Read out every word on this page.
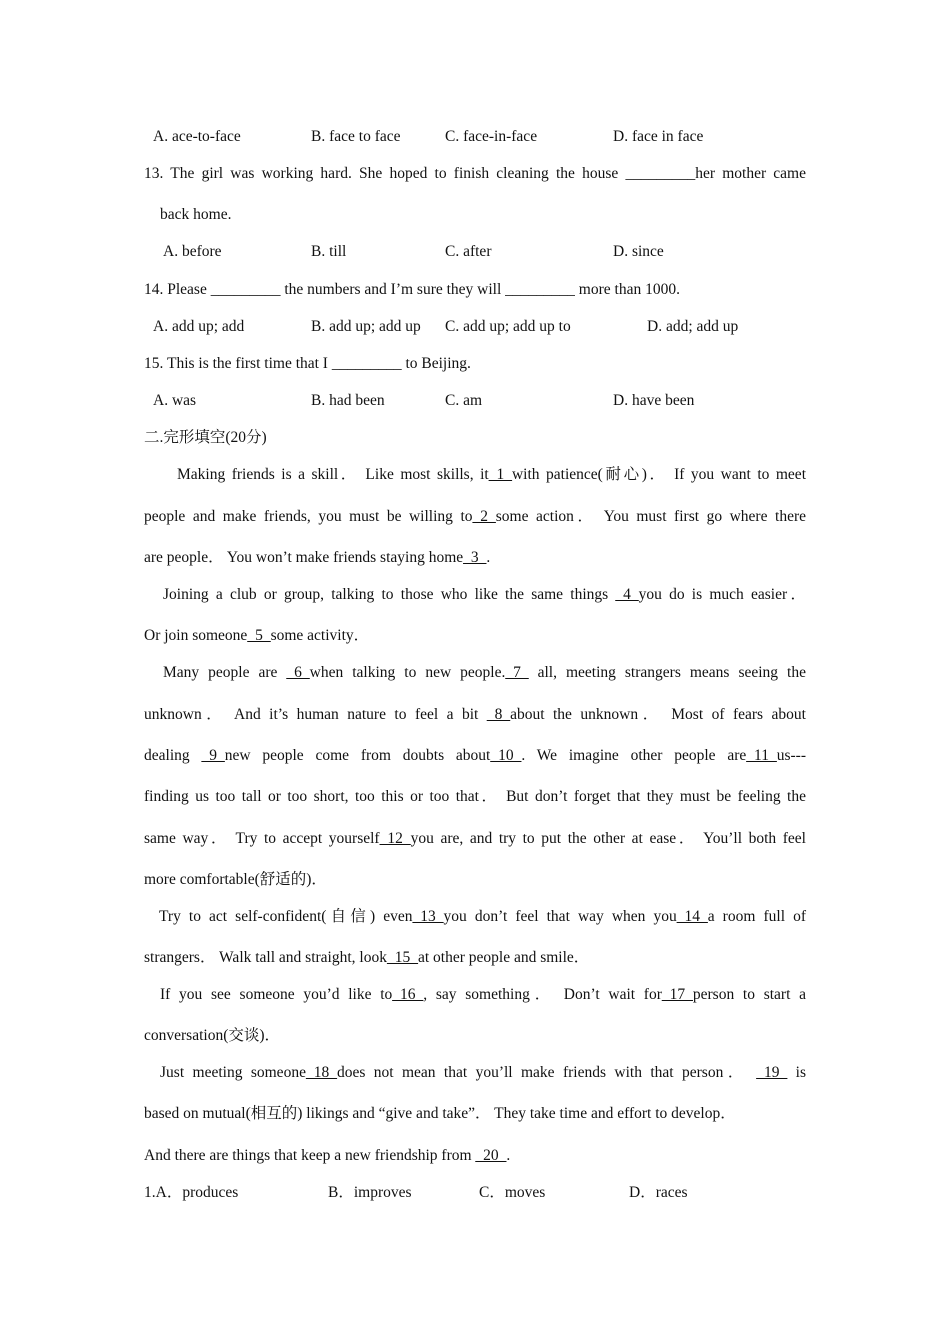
A. ace-to-face	B. face to face	C. face-in-face	D. face in face
13. The girl was working hard. She hoped to finish cleaning the house _________her mother came
back home.
A. before	B. till	C. after	D. since
14. Please _________ the numbers and I’m sure they will _________ more than 1000.
A. add up; add	B. add up; add up C. add up; add up to	D. add; add up
15. This is the first time that I _________ to Beijing.
A. was	B. had been	C. am	D. have been
二.完形填空(20分)
Making friends is a skill． Like most skills, it_1_with patience(耐心)． If you want to meet
people and make friends, you must be willing to_2_some action． You must first go where there
are people． You won’t make friends staying home_3_.
Joining a club or group, talking to those who like the same things _4_you do is much easier．
Or join someone_5_some activity．
Many people are _6_when talking to new people._7_ all, meeting strangers means seeing the
unknown． And it’s human nature to feel a bit _8_about the unknown． Most of fears about
dealing _9_new people come from doubts about_10_. We imagine other people are_11_us---
finding us too tall or too short, too this or too that． But don’t forget that they must be feeling the
same way． Try to accept yourself_12_you are, and try to put the other at ease． You’ll both feel
more comfortable(舒适的)．
Try to act self-confident(自信) even_13_you don’t feel that way when you_14_a room full of
strangers． Walk tall and straight, look_15_at other people and smile．
If you see someone you’d like to_16_, say something． Don’t wait for_17_person to start a
conversation(交谈)．
Just meeting someone_18_does not mean that you’ll make friends with that person． _19_ is
based on mutual(相互的) likings and “give and take”． They take time and effort to develop．
And there are things that keep a new friendship from _20_.
1.A．produces	B．improves	C．moves	D．races
